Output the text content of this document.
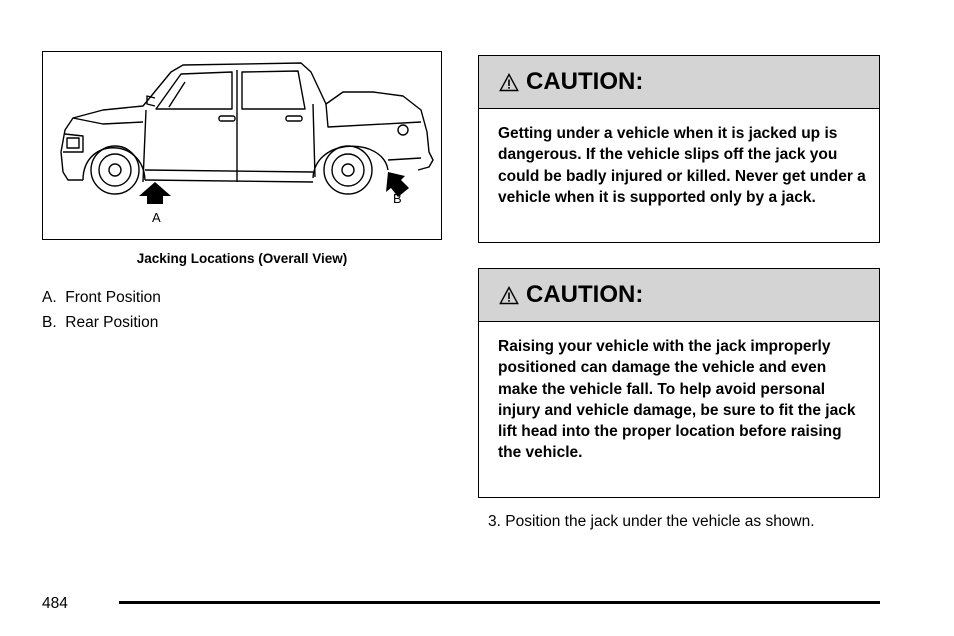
A
B
Jacking Locations (Overall View)
A. Front Position
B. Rear Position
CAUTION:
Getting under a vehicle when it is jacked up is dangerous. If the vehicle slips off the jack you could be badly injured or killed. Never get under a vehicle when it is supported only by a jack.
CAUTION:
Raising your vehicle with the jack improperly positioned can damage the vehicle and even make the vehicle fall. To help avoid personal injury and vehicle damage, be sure to fit the jack lift head into the proper location before raising the vehicle.
3. Position the jack under the vehicle as shown.
484
